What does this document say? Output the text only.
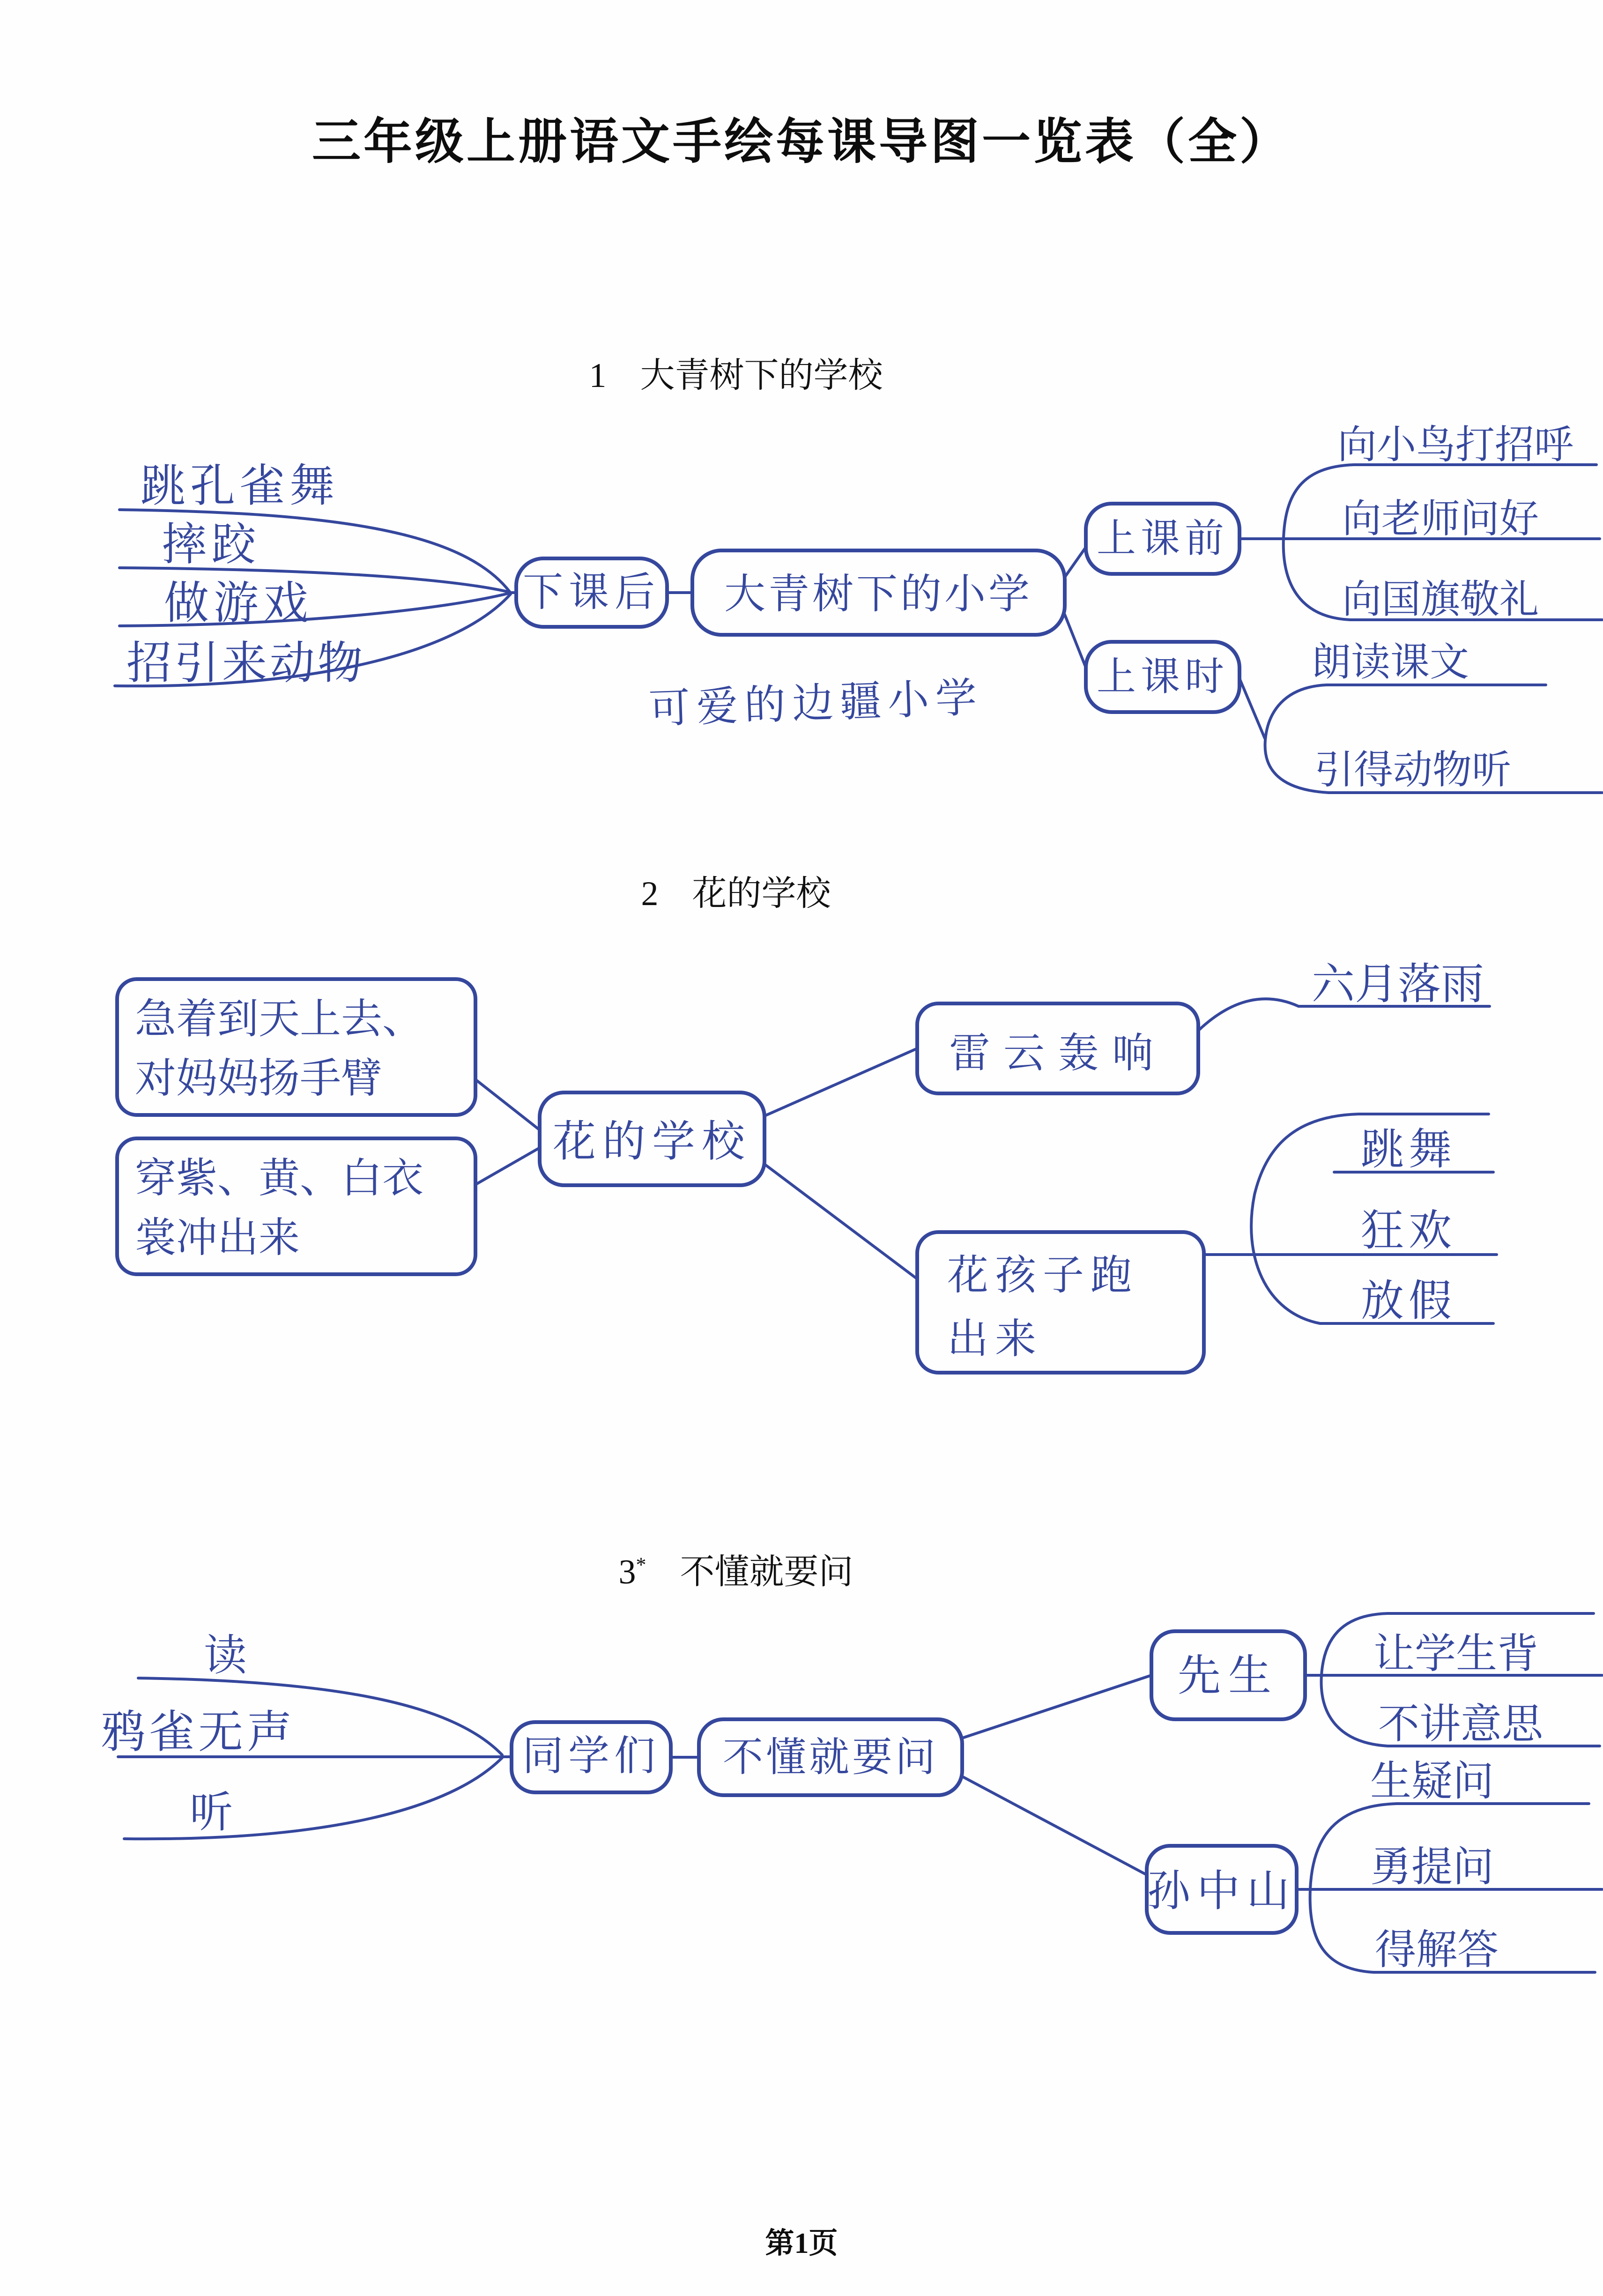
三年级上册语文手绘每课导图一览表（全）
1 大青树下的学校
跳孔雀舞
摔跤
做游戏
招引来动物
下课后 大青树下的小学
可爱的边疆小学
上课前
向小鸟打招呼
向老师问好
向国旗敬礼
上课时 朗读课文
引得动物听
2 花的学校
急着到天上去、
对妈妈扬手臂
穿紫、黄、白衣
裳冲出来
花的学校
雷云轰响
六月落雨
花孩子跑
出来
跳舞
狂欢
放假
3* 不懂就要问
读
鸦雀无声
听
同学们 不懂就要问
先生 让学生背
不讲意思
孙中山
生疑问
勇提问
得解答
第1页
